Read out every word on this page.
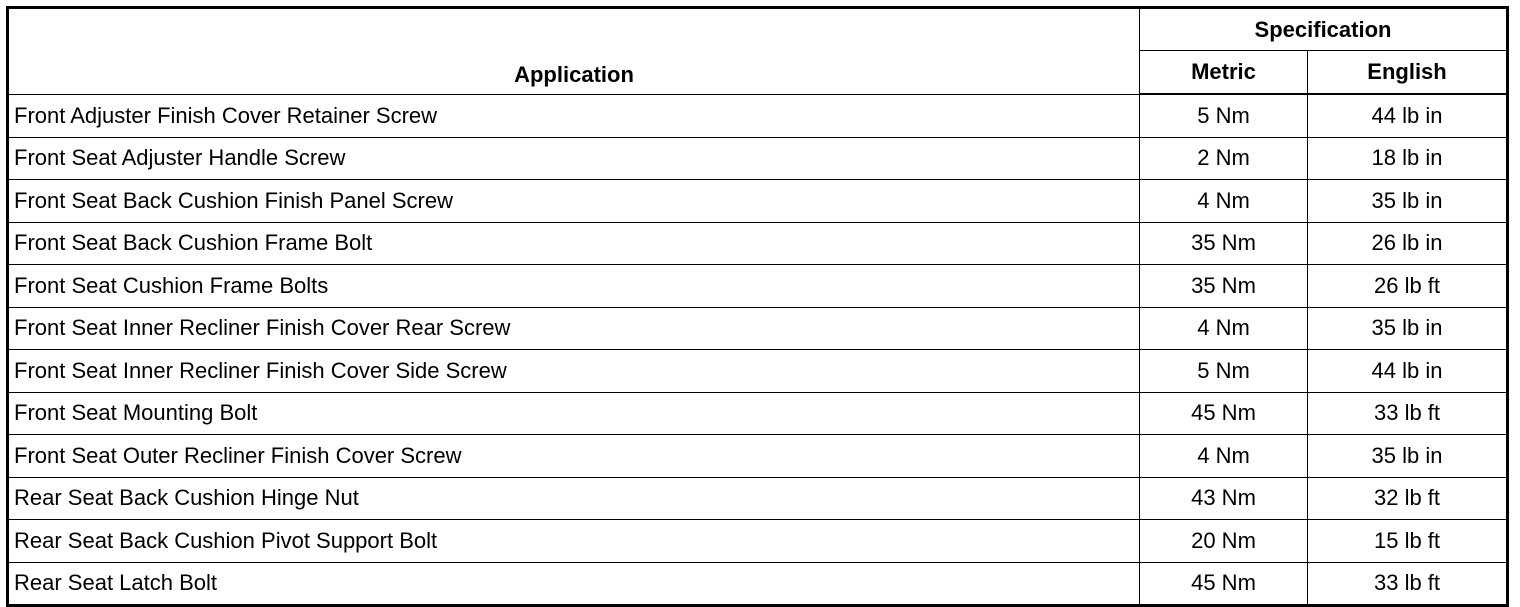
Application	Specification	
	Metric	English
Front Adjuster Finish Cover Retainer Screw	5 Nm	44 lb in
Front Seat Adjuster Handle Screw	2 Nm	18 lb in
Front Seat Back Cushion Finish Panel Screw	4 Nm	35 lb in
Front Seat Back Cushion Frame Bolt	35 Nm	26 lb in
Front Seat Cushion Frame Bolts	35 Nm	26 lb ft
Front Seat Inner Recliner Finish Cover Rear Screw	4 Nm	35 lb in
Front Seat Inner Recliner Finish Cover Side Screw	5 Nm	44 lb in
Front Seat Mounting Bolt	45 Nm	33 lb ft
Front Seat Outer Recliner Finish Cover Screw	4 Nm	35 lb in
Rear Seat Back Cushion Hinge Nut	43 Nm	32 lb ft
Rear Seat Back Cushion Pivot Support Bolt	20 Nm	15 lb ft
Rear Seat Latch Bolt	45 Nm	33 lb ft
